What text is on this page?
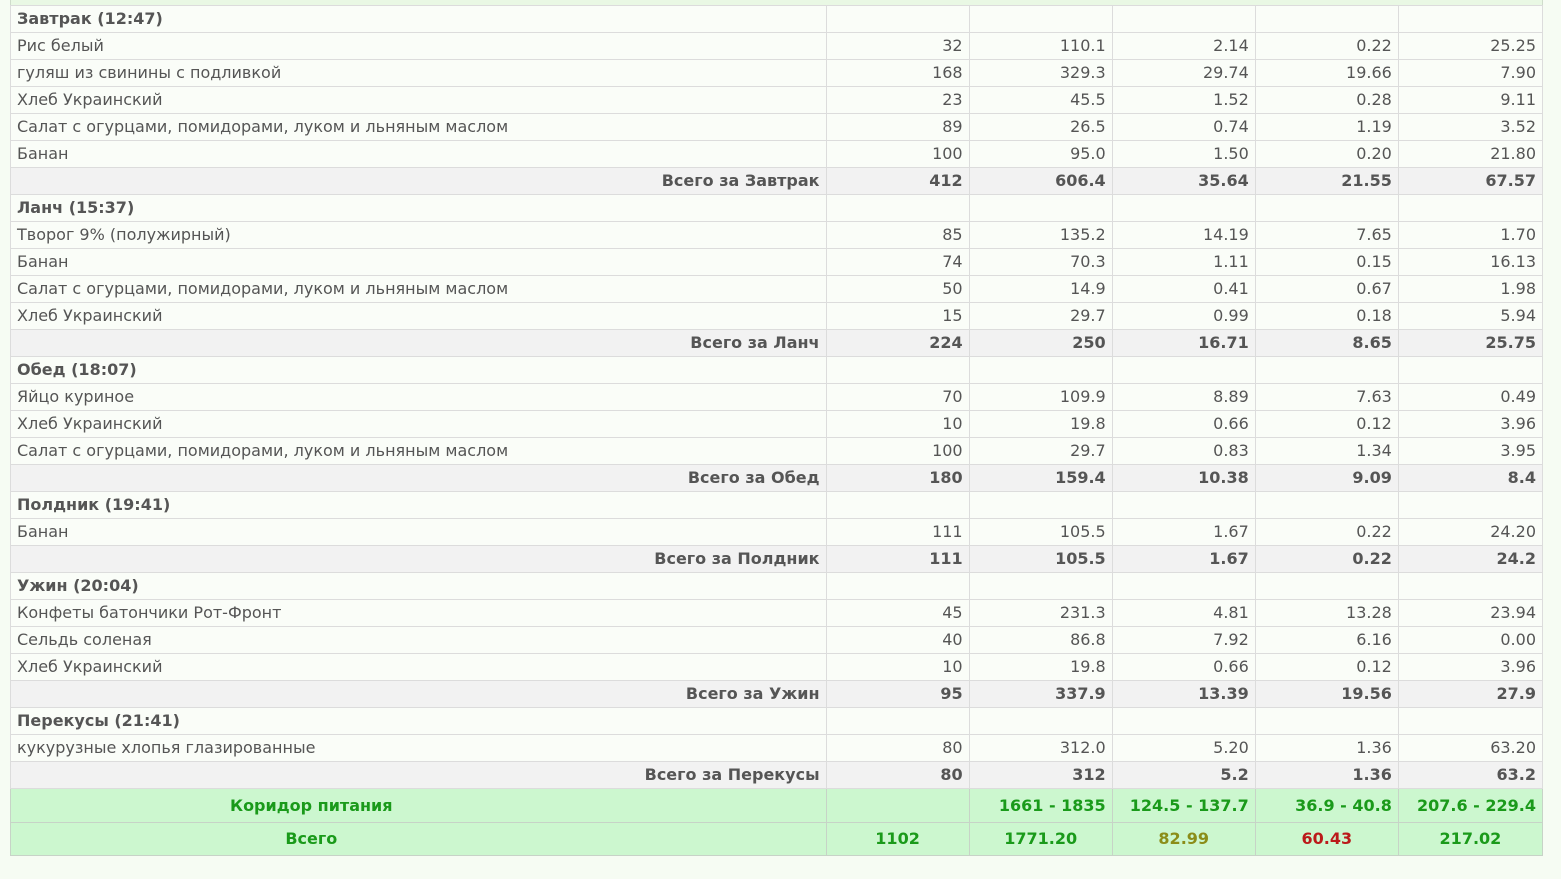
Завтрак (12:47)					
Рис белый	32	110.1	2.14	0.22	25.25
гуляш из свинины с подливкой	168	329.3	29.74	19.66	7.90
Хлеб Украинский	23	45.5	1.52	0.28	9.11
Салат с огурцами, помидорами, луком и льняным маслом	89	26.5	0.74	1.19	3.52
Банан	100	95.0	1.50	0.20	21.80
Всего за Завтрак	412	606.4	35.64	21.55	67.57
Ланч (15:37)					
Творог 9% (полужирный)	85	135.2	14.19	7.65	1.70
Банан	74	70.3	1.11	0.15	16.13
Салат с огурцами, помидорами, луком и льняным маслом	50	14.9	0.41	0.67	1.98
Хлеб Украинский	15	29.7	0.99	0.18	5.94
Всего за Ланч	224	250	16.71	8.65	25.75
Обед (18:07)					
Яйцо куриное	70	109.9	8.89	7.63	0.49
Хлеб Украинский	10	19.8	0.66	0.12	3.96
Салат с огурцами, помидорами, луком и льняным маслом	100	29.7	0.83	1.34	3.95
Всего за Обед	180	159.4	10.38	9.09	8.4
Полдник (19:41)					
Банан	111	105.5	1.67	0.22	24.20
Всего за Полдник	111	105.5	1.67	0.22	24.2
Ужин (20:04)					
Конфеты батончики Рот-Фронт	45	231.3	4.81	13.28	23.94
Сельдь соленая	40	86.8	7.92	6.16	0.00
Хлеб Украинский	10	19.8	0.66	0.12	3.96
Всего за Ужин	95	337.9	13.39	19.56	27.9
Перекусы (21:41)					
кукурузные хлопья глазированные	80	312.0	5.20	1.36	63.20
Всего за Перекусы	80	312	5.2	1.36	63.2
Коридор питания		1661 - 1835	124.5 - 137.7	36.9 - 40.8	207.6 - 229.4
Всего	1102	1771.20	82.99	60.43	217.02
